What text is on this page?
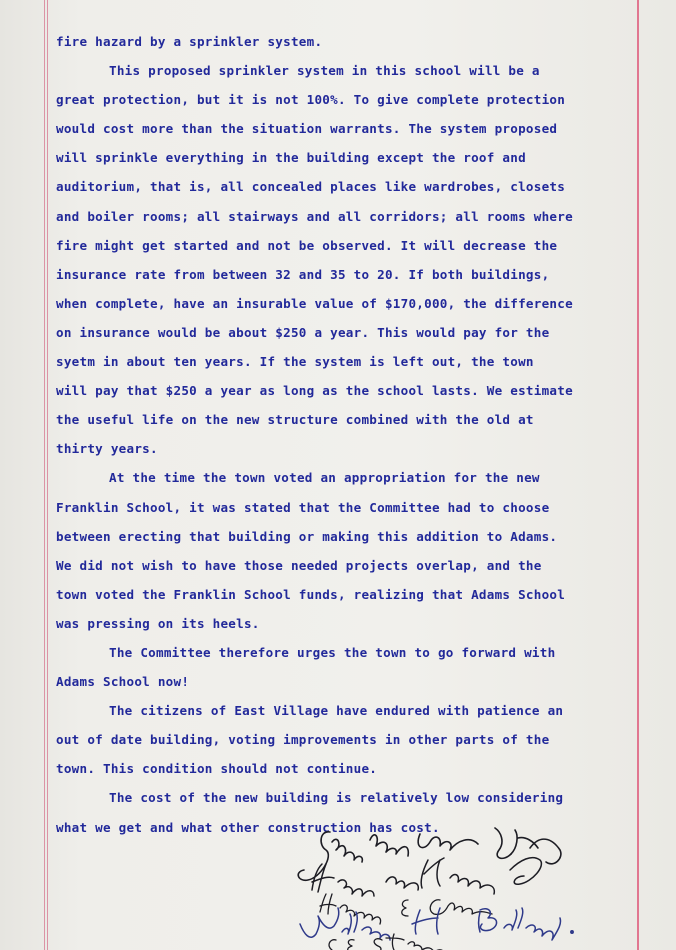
fire hazard by a sprinkler system.
This proposed sprinkler system in this school will be a
great protection, but it is not 100%. To give complete protection
would cost more than the situation warrants. The system proposed
will sprinkle everything in the building except the roof and
auditorium, that is, all concealed places like wardrobes, closets
and boiler rooms; all stairways and all corridors; all rooms where
fire might get started and not be observed. It will decrease the
insurance rate from between 32 and 35 to 20. If both buildings,
when complete, have an insurable value of $170,000, the difference
on insurance would be about $250 a year. This would pay for the
syetm in about ten years. If the system is left out, the town
will pay that $250 a year as long as the school lasts. We estimate
the useful life on the new structure combined with the old at
thirty years.
At the time the town voted an appropriation for the new
Franklin School, it was stated that the Committee had to choose
between erecting that building or making this addition to Adams.
We did not wish to have those needed projects overlap, and the
town voted the Franklin School funds, realizing that Adams School
was pressing on its heels.
The Committee therefore urges the town to go forward with
Adams School now!
The citizens of East Village have endured with patience an
out of date building, voting improvements in other parts of the
town. This condition should not continue.
The cost of the new building is relatively low considering
what we get and what other construction has cost.
